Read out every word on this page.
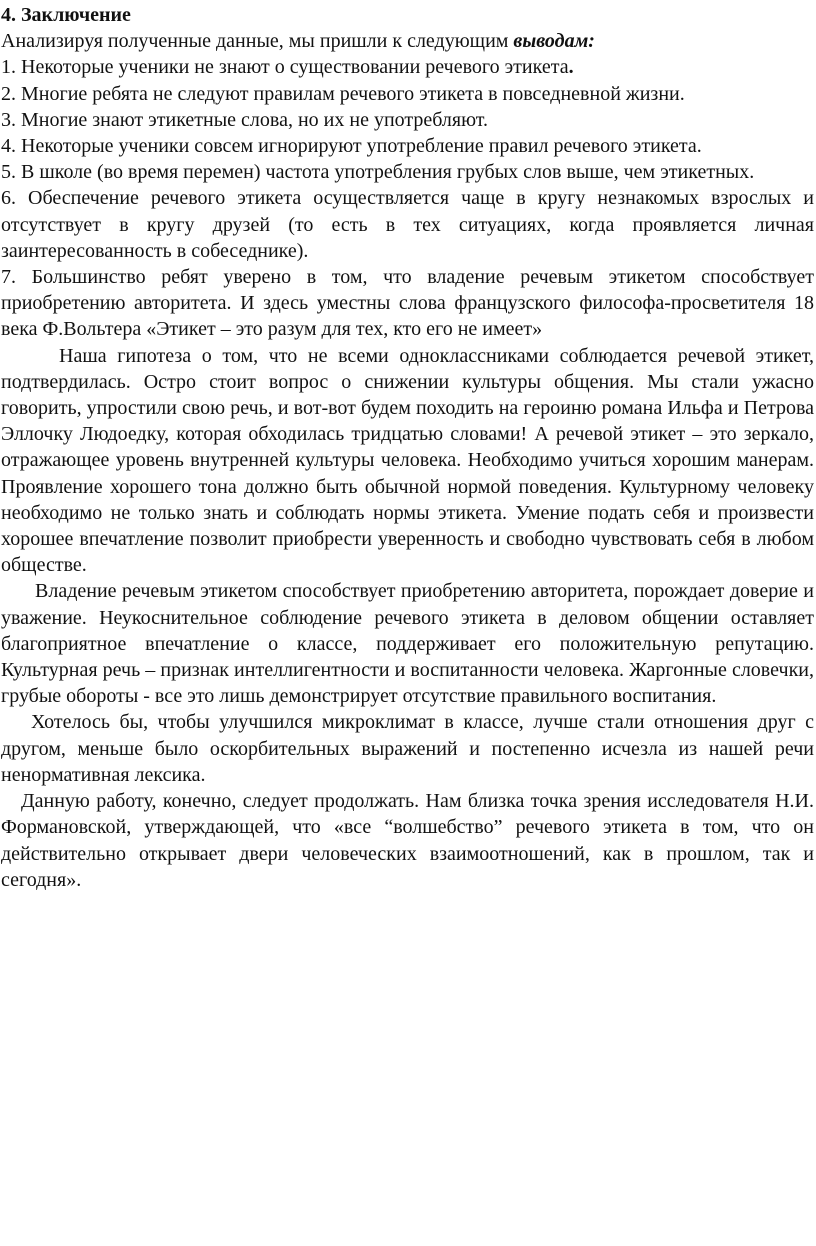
4. Заключение

Анализируя полученные данные, мы пришли к следующим выводам:

1. Некоторые ученики не знают о существовании речевого этикета.

2. Многие ребята не следуют правилам речевого этикета в повседневной жизни.

3. Многие знают этикетные слова, но их не употребляют.

4. Некоторые ученики совсем игнорируют употребление правил речевого этикета.

5. В школе (во время перемен) частота употребления грубых слов выше, чем этикетных.

6. Обеспечение речевого этикета осуществляется чаще в кругу незнакомых взрослых и отсутствует в кругу друзей (то есть в тех ситуациях, когда проявляется личная заинтересованность в собеседнике).

7. Большинство ребят уверено в том, что владение речевым этикетом способствует приобретению авторитета. И здесь уместны слова французского философа-просветителя 18 века Ф.Вольтера «Этикет – это разум для тех, кто его не имеет»

Наша гипотеза о том, что не всеми одноклассниками соблюдается речевой этикет, подтвердилась. Остро стоит вопрос о снижении культуры общения. Мы стали ужасно говорить, упростили свою речь, и вот-вот будем походить на героиню романа Ильфа и Петрова Эллочку Людоедку, которая обходилась тридцатью словами! А речевой этикет – это зеркало, отражающее уровень внутренней культуры человека. Необходимо учиться хорошим манерам. Проявление хорошего тона должно быть обычной нормой поведения. Культурному человеку необходимо не только знать и соблюдать нормы этикета. Умение подать себя и произвести хорошее впечатление позволит приобрести уверенность и свободно чувствовать себя в любом обществе.

Владение речевым этикетом способствует приобретению авторитета, порождает доверие и уважение. Неукоснительное соблюдение речевого этикета в деловом общении оставляет благоприятное впечатление о классе, поддерживает его положительную репутацию. Культурная речь – признак интеллигентности и воспитанности человека. Жаргонные словечки, грубые обороты - все это лишь демонстрирует отсутствие правильного воспитания.

Хотелось бы, чтобы улучшился микроклимат в классе, лучше стали отношения друг с другом, меньше было оскорбительных выражений и постепенно исчезла из нашей речи ненормативная лексика.

Данную работу, конечно, следует продолжать. Нам близка точка зрения исследователя Н.И. Формановской, утверждающей, что «все “волшебство” речевого этикета в том, что он действительно открывает двери человеческих взаимоотношений, как в прошлом, так и сегодня».
